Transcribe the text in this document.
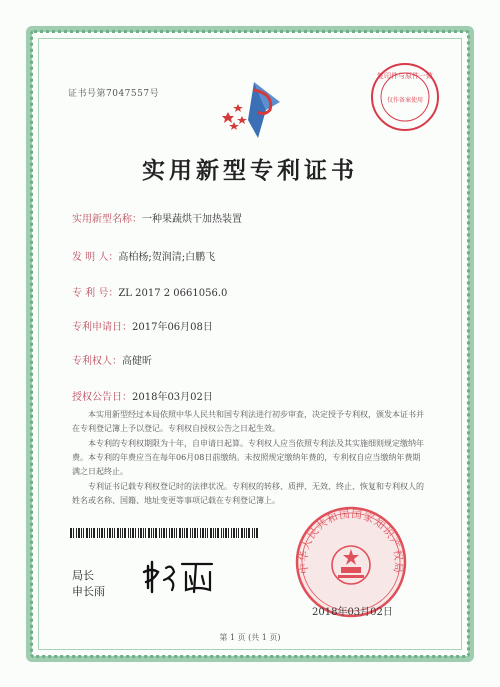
证书号第7047557号
复印件与原件一致
仅作备案使用
实用新型专利证书
实用新型名称：一种果蔬烘干加热装置
发 明 人：高柏杨;贺润清;白鹏飞
专 利 号：ZL 2017 2 0661056.0
专利申请日：2017年06月08日
专利权人：高健昕
授权公告日：2018年03月02日

本实用新型经过本局依照中华人民共和国专利法进行初步审查，决定授予专利权，颁发本证书并在专利登记簿上予以登记。专利权自授权公告之日起生效。

本专利的专利权期限为十年，自申请日起算。专利权人应当依照专利法及其实施细则规定缴纳年费。本专利的年费应当在每年06月08日前缴纳。未按照规定缴纳年费的，专利权自应当缴纳年费期满之日起终止。

专利证书记载专利权登记时的法律状况。专利权的转移、质押、无效、终止、恢复和专利权人的姓名或名称、国籍、地址变更等事项记载在专利登记簿上。

局长
申长雨
中华人民共和国国家知识产权局
2018年03月02日
第 1 页 (共 1 页)
